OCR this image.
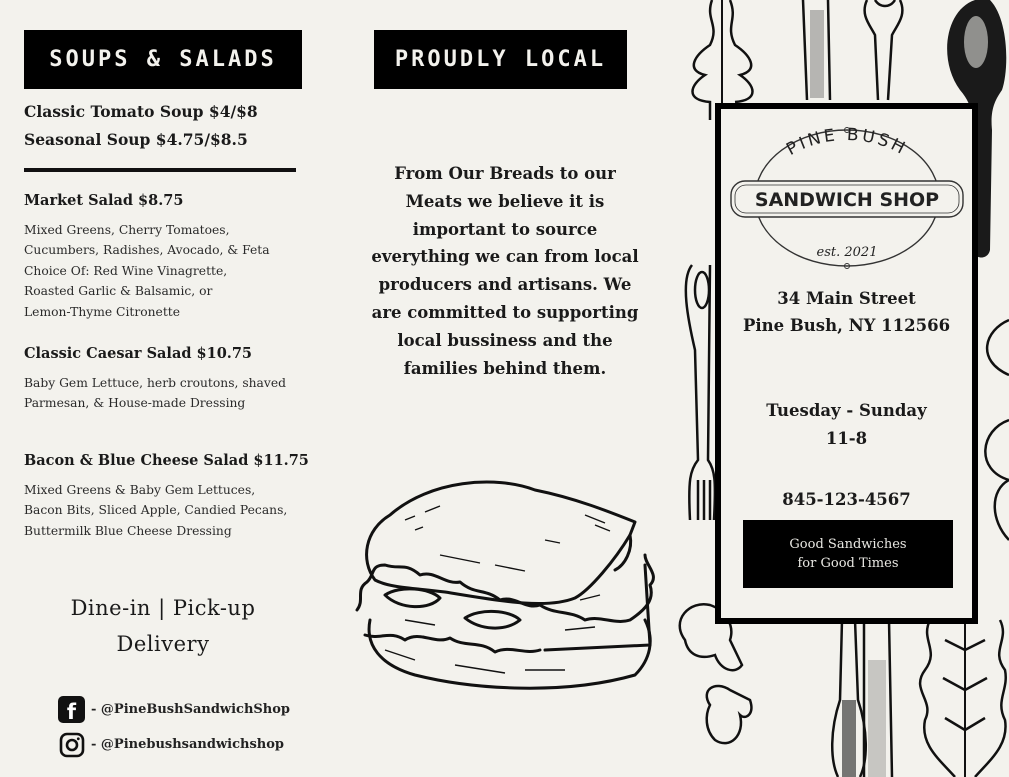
SOUPS & SALADS
Classic Tomato Soup $4/$8
Seasonal Soup $4.75/$8.5
Market Salad $8.75
Mixed Greens, Cherry Tomatoes,
Cucumbers, Radishes, Avocado, & Feta
Choice Of: Red Wine Vinagrette,
Roasted Garlic & Balsamic, or
Lemon-Thyme Citronette
Classic Caesar Salad $10.75
Baby Gem Lettuce, herb croutons, shaved
Parmesan, & House-made Dressing
Bacon & Blue Cheese Salad $11.75
Mixed Greens & Baby Gem Lettuces,
Bacon Bits, Sliced Apple, Candied Pecans,
Buttermilk Blue Cheese Dressing
Dine-in | Pick-up
Delivery
f	- @PineBushSandwichShop
- @Pinebushsandwichshop
PROUDLY LOCAL
From Our Breads to our
Meats we believe it is
important to source
everything we can from local
producers and artisans. We
are committed to supporting
local bussiness and the
families behind them.
PINE BUSH
SANDWICH SHOP
est. 2021
34 Main Street
Pine Bush, NY 112566
Tuesday - Sunday
11-8
845-123-4567
Good Sandwiches
for Good Times
